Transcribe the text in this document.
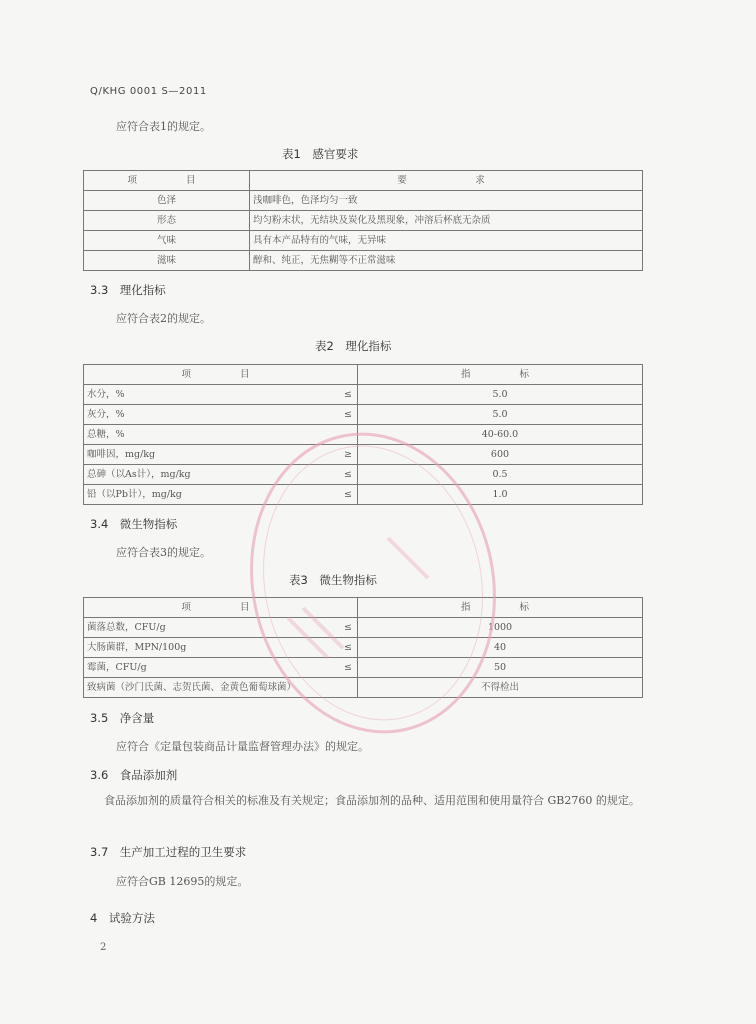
Q/KHG 0001 S—2011
应符合表1的规定。
表1　感官要求
项　　目	要　　　求
色泽	浅咖啡色，色泽均匀一致
形态	均匀粉末状，无结块及炭化及黑现象，冲溶后杯底无杂质
气味	具有本产品特有的气味，无异味
滋味	醇和、纯正，无焦糊等不正常滋味
3.3　理化指标
应符合表2的规定。
表2　理化指标
项　　目		指　　标
水分，%	≤	5.0
灰分，%	≤	5.0
总糖，%		40-60.0
咖啡因，mg/kg	≥	600
总砷（以As计），mg/kg	≤	0.5
铅（以Pb计），mg/kg	≤	1.0
3.4　微生物指标
应符合表3的规定。
表3　微生物指标
项　　目		指　　标
菌落总数，CFU/g	≤	1000
大肠菌群，MPN/100g	≤	40
霉菌，CFU/g	≤	50
致病菌（沙门氏菌、志贺氏菌、金黄色葡萄球菌）		不得检出
3.5　净含量
应符合《定量包装商品计量监督管理办法》的规定。
3.6　食品添加剂
食品添加剂的质量符合相关的标准及有关规定；食品添加剂的品种、适用范围和使用量符合 GB2760 的规定。
3.7　生产加工过程的卫生要求
应符合GB 12695的规定。
4　试验方法
2
